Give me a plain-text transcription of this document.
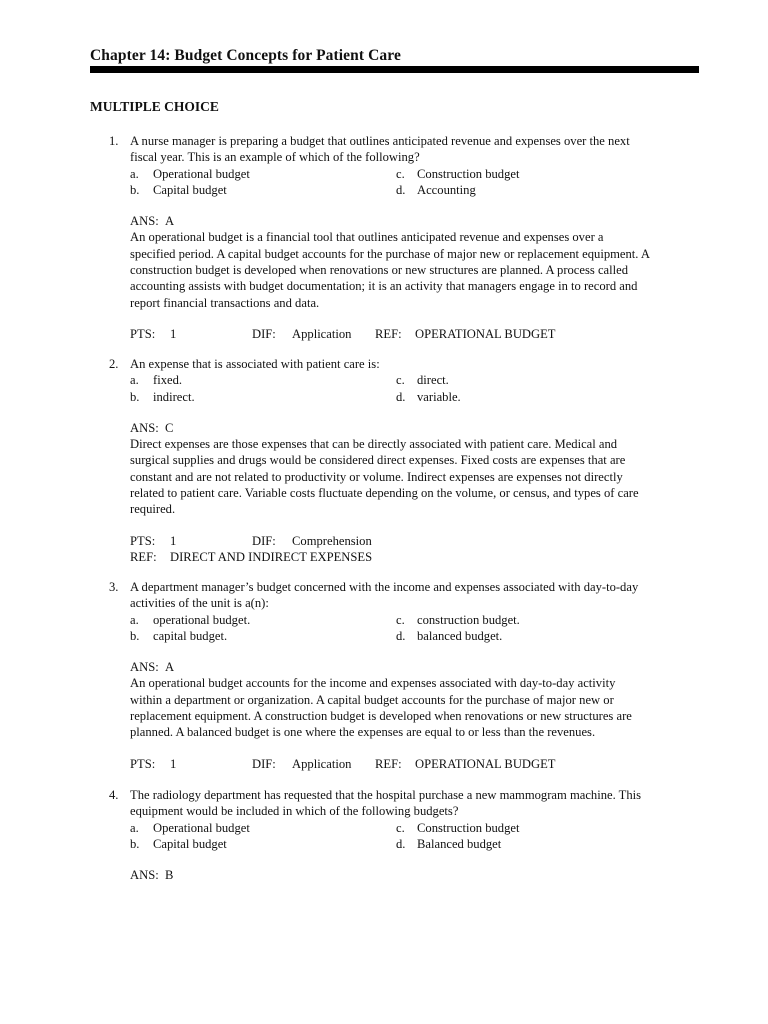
Chapter 14: Budget Concepts for Patient Care
MULTIPLE CHOICE
1. A nurse manager is preparing a budget that outlines anticipated revenue and expenses over the next
fiscal year. This is an example of which of the following?
a. Operational budget	c. Construction budget
b. Capital budget	d. Accounting
ANS: A
An operational budget is a financial tool that outlines anticipated revenue and expenses over a
specified period. A capital budget accounts for the purchase of major new or replacement equipment. A
construction budget is developed when renovations or new structures are planned. A process called
accounting assists with budget documentation; it is an activity that managers engage in to record and
report financial transactions and data.
PTS: 1	DIF: Application REF: OPERATIONAL BUDGET
2. An expense that is associated with patient care is:
a. fixed.	c. direct.
b. indirect.	d. variable.
ANS: C
Direct expenses are those expenses that can be directly associated with patient care. Medical and
surgical supplies and drugs would be considered direct expenses. Fixed costs are expenses that are
constant and are not related to productivity or volume. Indirect expenses are expenses not directly
related to patient care. Variable costs fluctuate depending on the volume, or census, and types of care
required.
PTS: 1	DIF: Comprehension
REF: DIRECT AND INDIRECT EXPENSES
3. A department manager’s budget concerned with the income and expenses associated with day-to-day
activities of the unit is a(n):
a. operational budget.	c. construction budget.
b. capital budget.	d. balanced budget.
ANS: A
An operational budget accounts for the income and expenses associated with day-to-day activity
within a department or organization. A capital budget accounts for the purchase of major new or
replacement equipment. A construction budget is developed when renovations or new structures are
planned. A balanced budget is one where the expenses are equal to or less than the revenues.
PTS: 1	DIF: Application REF: OPERATIONAL BUDGET
4. The radiology department has requested that the hospital purchase a new mammogram machine. This
equipment would be included in which of the following budgets?
a. Operational budget	c. Construction budget
b. Capital budget	d. Balanced budget
ANS: B
